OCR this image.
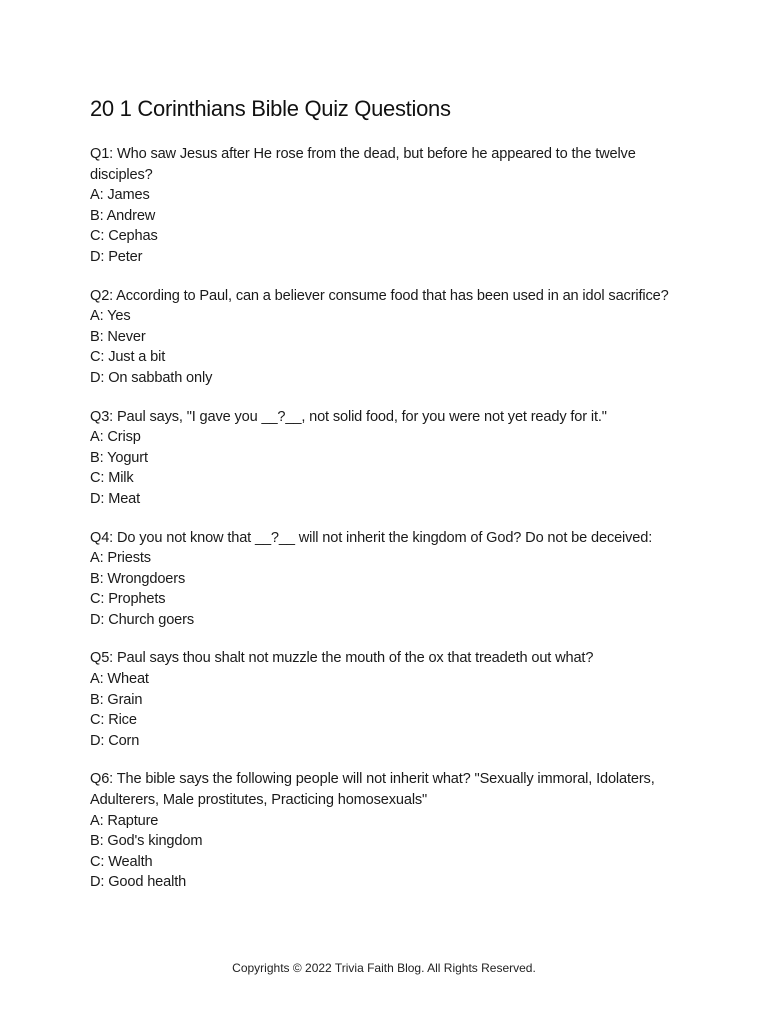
20 1 Corinthians Bible Quiz Questions
Q1: Who saw Jesus after He rose from the dead, but before he appeared to the twelve disciples?
A: James
B: Andrew
C: Cephas
D: Peter
Q2: According to Paul, can a believer consume food that has been used in an idol sacrifice?
A: Yes
B: Never
C: Just a bit
D: On sabbath only
Q3: Paul says, "I gave you __?__, not solid food, for you were not yet ready for it."
A: Crisp
B: Yogurt
C: Milk
D: Meat
Q4: Do you not know that __?__ will not inherit the kingdom of God? Do not be deceived:
A: Priests
B: Wrongdoers
C: Prophets
D: Church goers
Q5: Paul says thou shalt not muzzle the mouth of the ox that treadeth out what?
A: Wheat
B: Grain
C: Rice
D: Corn
Q6: The bible says the following people will not inherit what? "Sexually immoral, Idolaters, Adulterers, Male prostitutes, Practicing homosexuals"
A: Rapture
B: God's kingdom
C: Wealth
D: Good health
Copyrights © 2022 Trivia Faith Blog. All Rights Reserved.
